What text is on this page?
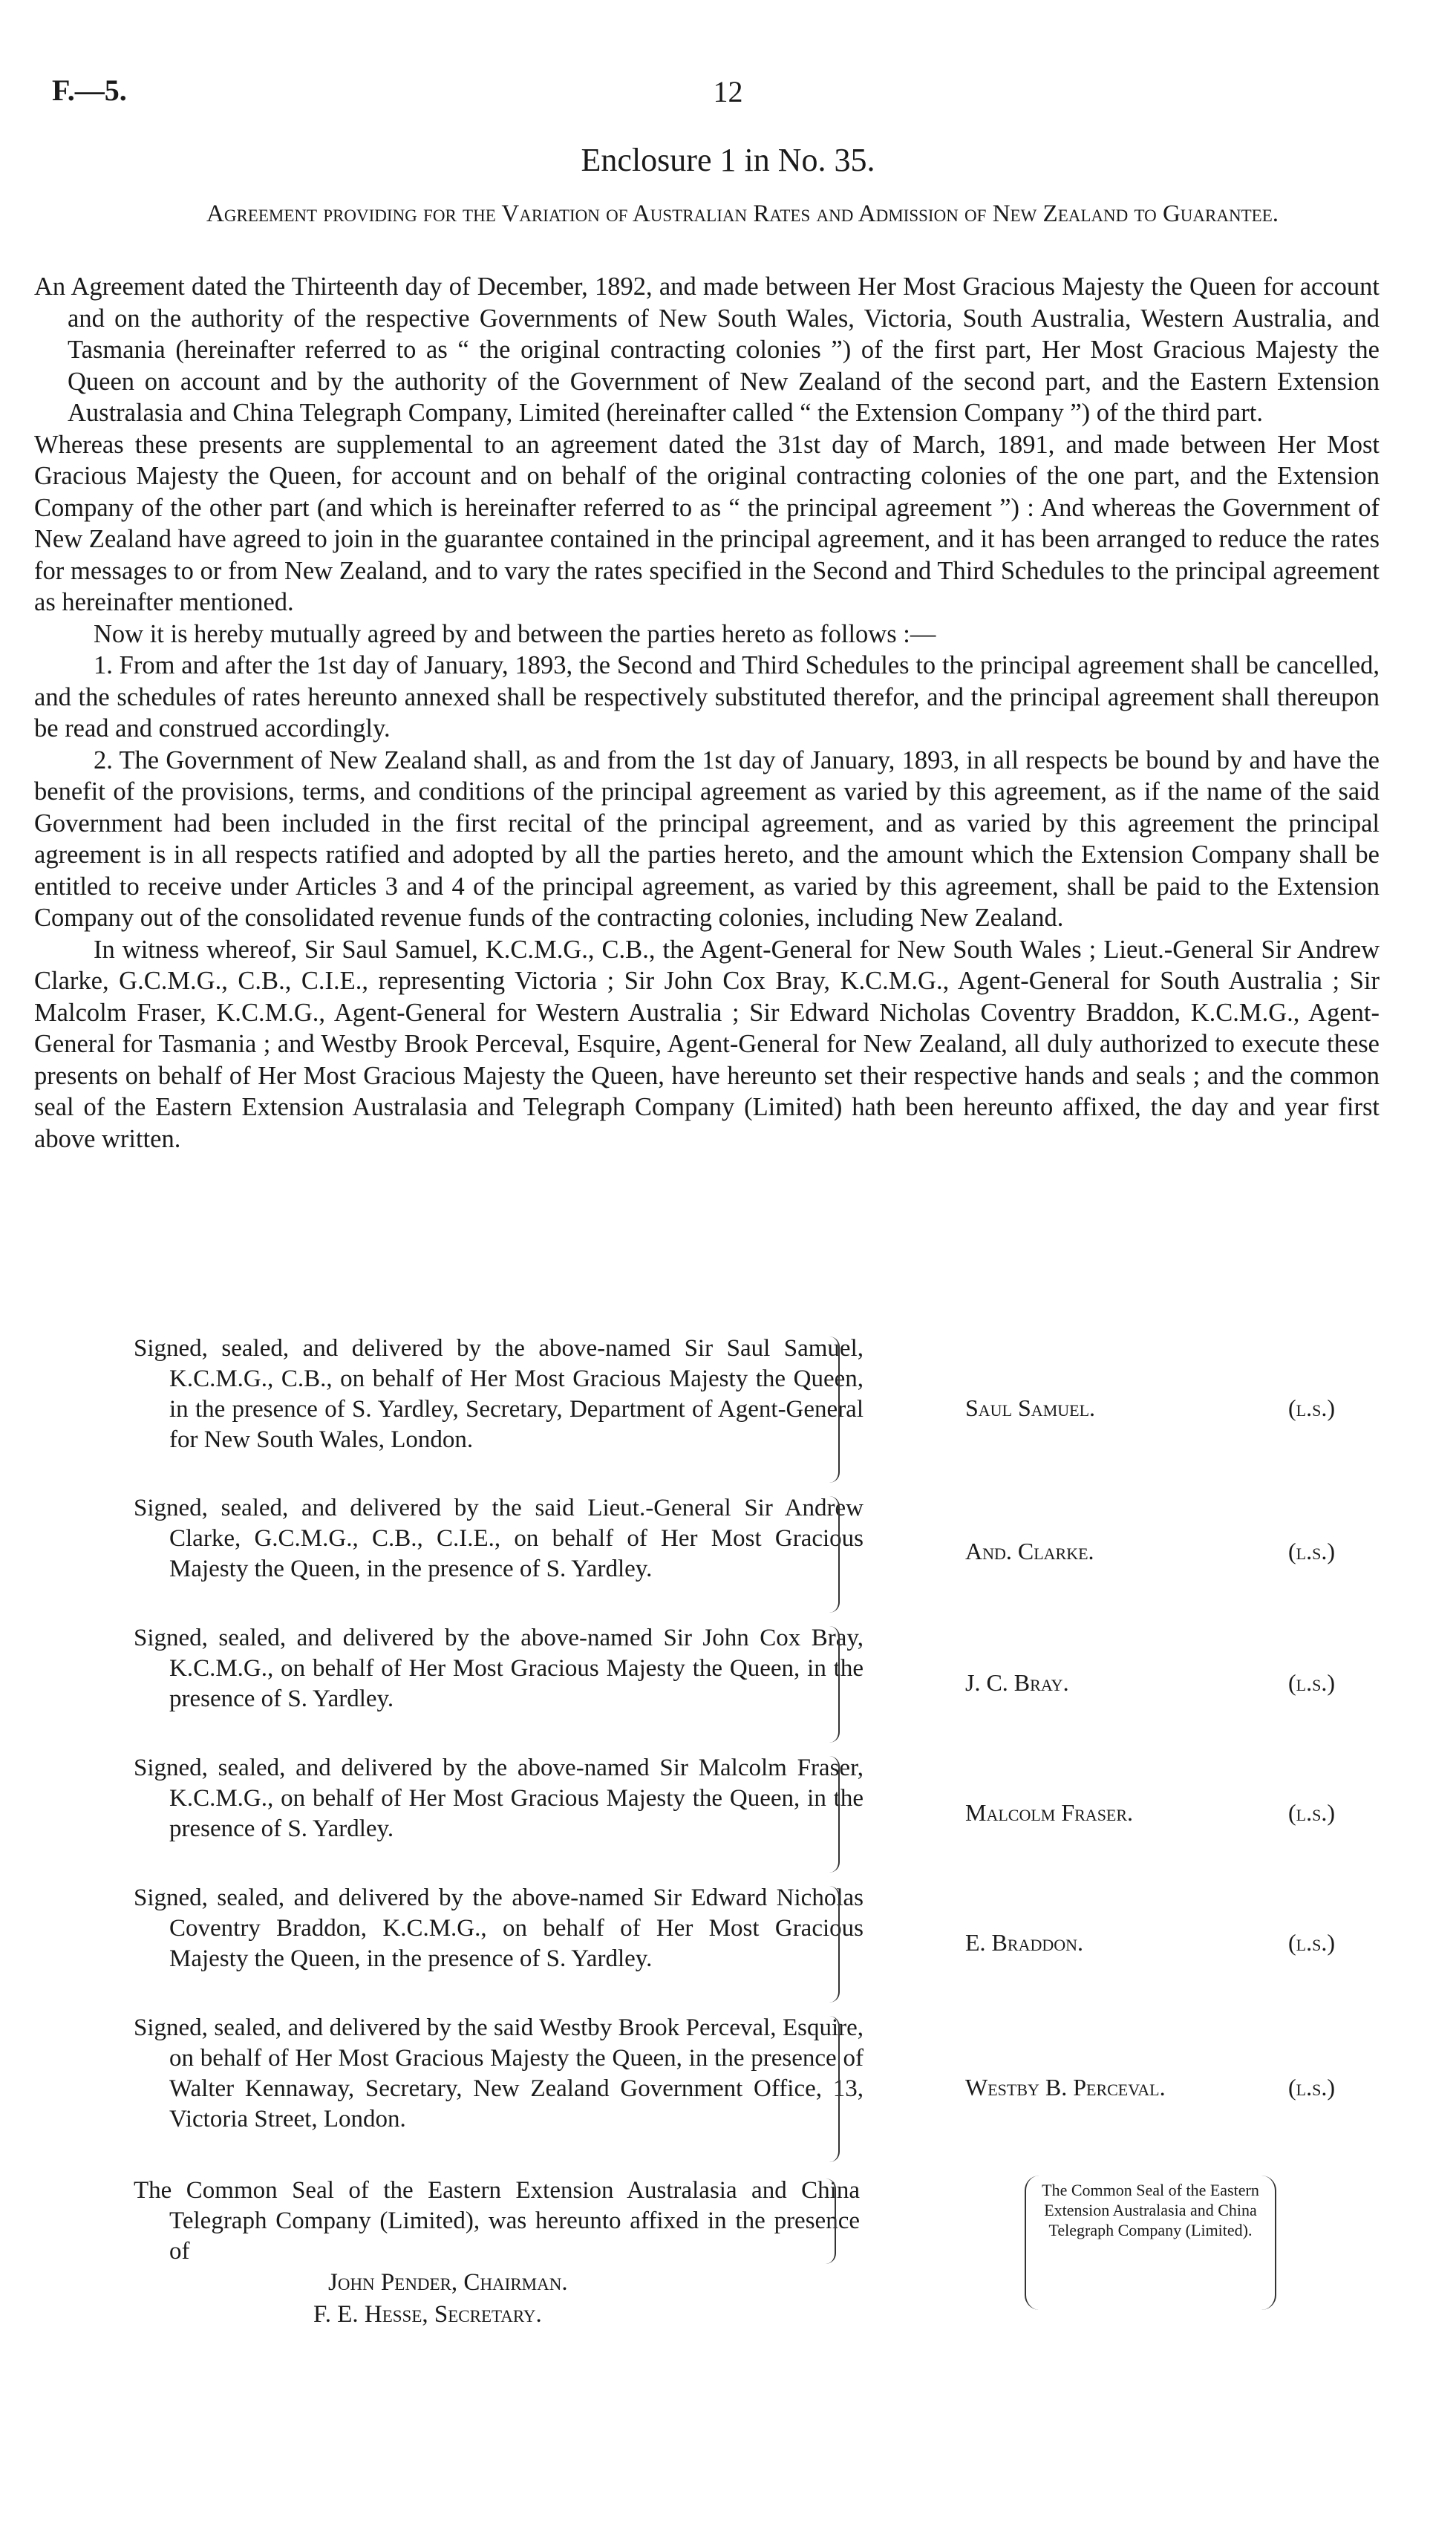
F.—5.	12
Enclosure 1 in No. 35.
Agreement providing for the Variation of Australian Rates and Admission of New Zealand to Guarantee.

An Agreement dated the Thirteenth day of December, 1892, and made between Her Most Gracious Majesty the Queen for account and on the authority of the respective Governments of New South Wales, Victoria, South Australia, Western Australia, and Tasmania (hereinafter referred to as “ the original contracting colonies ”) of the first part, Her Most Gracious Majesty the Queen on account and by the authority of the Government of New Zealand of the second part, and the Eastern Extension Australasia and China Telegraph Company, Limited (hereinafter called “ the Extension Company ”) of the third part.

Whereas these presents are supplemental to an agreement dated the 31st day of March, 1891, and made between Her Most Gracious Majesty the Queen, for account and on behalf of the original contracting colonies of the one part, and the Extension Company of the other part (and which is hereinafter referred to as “ the principal agreement ”) : And whereas the Government of New Zealand have agreed to join in the guarantee contained in the principal agreement, and it has been arranged to reduce the rates for messages to or from New Zealand, and to vary the rates specified in the Second and Third Schedules to the principal agreement as hereinafter mentioned.

Now it is hereby mutually agreed by and between the parties hereto as follows :—

1. From and after the 1st day of January, 1893, the Second and Third Schedules to the principal agreement shall be cancelled, and the schedules of rates hereunto annexed shall be respectively substituted therefor, and the principal agreement shall thereupon be read and construed accordingly.

2. The Government of New Zealand shall, as and from the 1st day of January, 1893, in all respects be bound by and have the benefit of the provisions, terms, and conditions of the principal agreement as varied by this agreement, as if the name of the said Government had been included in the first recital of the principal agreement, and as varied by this agreement the principal agreement is in all respects ratified and adopted by all the parties hereto, and the amount which the Extension Company shall be entitled to receive under Articles 3 and 4 of the principal agreement, as varied by this agreement, shall be paid to the Extension Company out of the consolidated revenue funds of the contracting colonies, including New Zealand.

In witness whereof, Sir Saul Samuel, K.C.M.G., C.B., the Agent-General for New South Wales ; Lieut.-General Sir Andrew Clarke, G.C.M.G., C.B., C.I.E., representing Victoria ; Sir John Cox Bray, K.C.M.G., Agent-General for South Australia ; Sir Malcolm Fraser, K.C.M.G., Agent-General for Western Australia ; Sir Edward Nicholas Coventry Braddon, K.C.M.G., Agent-General for Tasmania ; and Westby Brook Perceval, Esquire, Agent-General for New Zealand, all duly authorized to execute these presents on behalf of Her Most Gracious Majesty the Queen, have hereunto set their respective hands and seals ; and the common seal of the Eastern Extension Australasia and Telegraph Company (Limited) hath been hereunto affixed, the day and year first above written.

Signed, sealed, and delivered by the above-named Sir Saul Samuel, K.C.M.G., C.B., on behalf of Her Most Gracious Majesty the Queen, in the presence of S. Yardley, Secretary, Department of Agent-General for New South Wales, London.
Saul Samuel.	(l.s.)
Signed, sealed, and delivered by the said Lieut.-General Sir Andrew Clarke, G.C.M.G., C.B., C.I.E., on behalf of Her Most Gracious Majesty the Queen, in the presence of S. Yardley.
And. Clarke.	(l.s.)
Signed, sealed, and delivered by the above-named Sir John Cox Bray, K.C.M.G., on behalf of Her Most Gracious Majesty the Queen, in the presence of S. Yardley.
J. C. Bray.	(l.s.)
Signed, sealed, and delivered by the above-named Sir Malcolm Fraser, K.C.M.G., on behalf of Her Most Gracious Majesty the Queen, in the presence of S. Yardley.
Malcolm Fraser.	(l.s.)
Signed, sealed, and delivered by the above-named Sir Edward Nicholas Coventry Braddon, K.C.M.G., on behalf of Her Most Gracious Majesty the Queen, in the presence of S. Yardley.
E. Braddon.	(l.s.)
Signed, sealed, and delivered by the said Westby Brook Perceval, Esquire, on behalf of Her Most Gracious Majesty the Queen, in the presence of Walter Kennaway, Secretary, New Zealand Government Office, 13, Victoria Street, London.
Westby B. Perceval.	(l.s.)
The Common Seal of the Eastern Extension Australasia and China Telegraph Company (Limited), was hereunto affixed in the presence of
The Common Seal of the Eastern Extension Australasia and China Telegraph Company (Limited).
John Pender, Chairman.
F. E. Hesse, Secretary.
